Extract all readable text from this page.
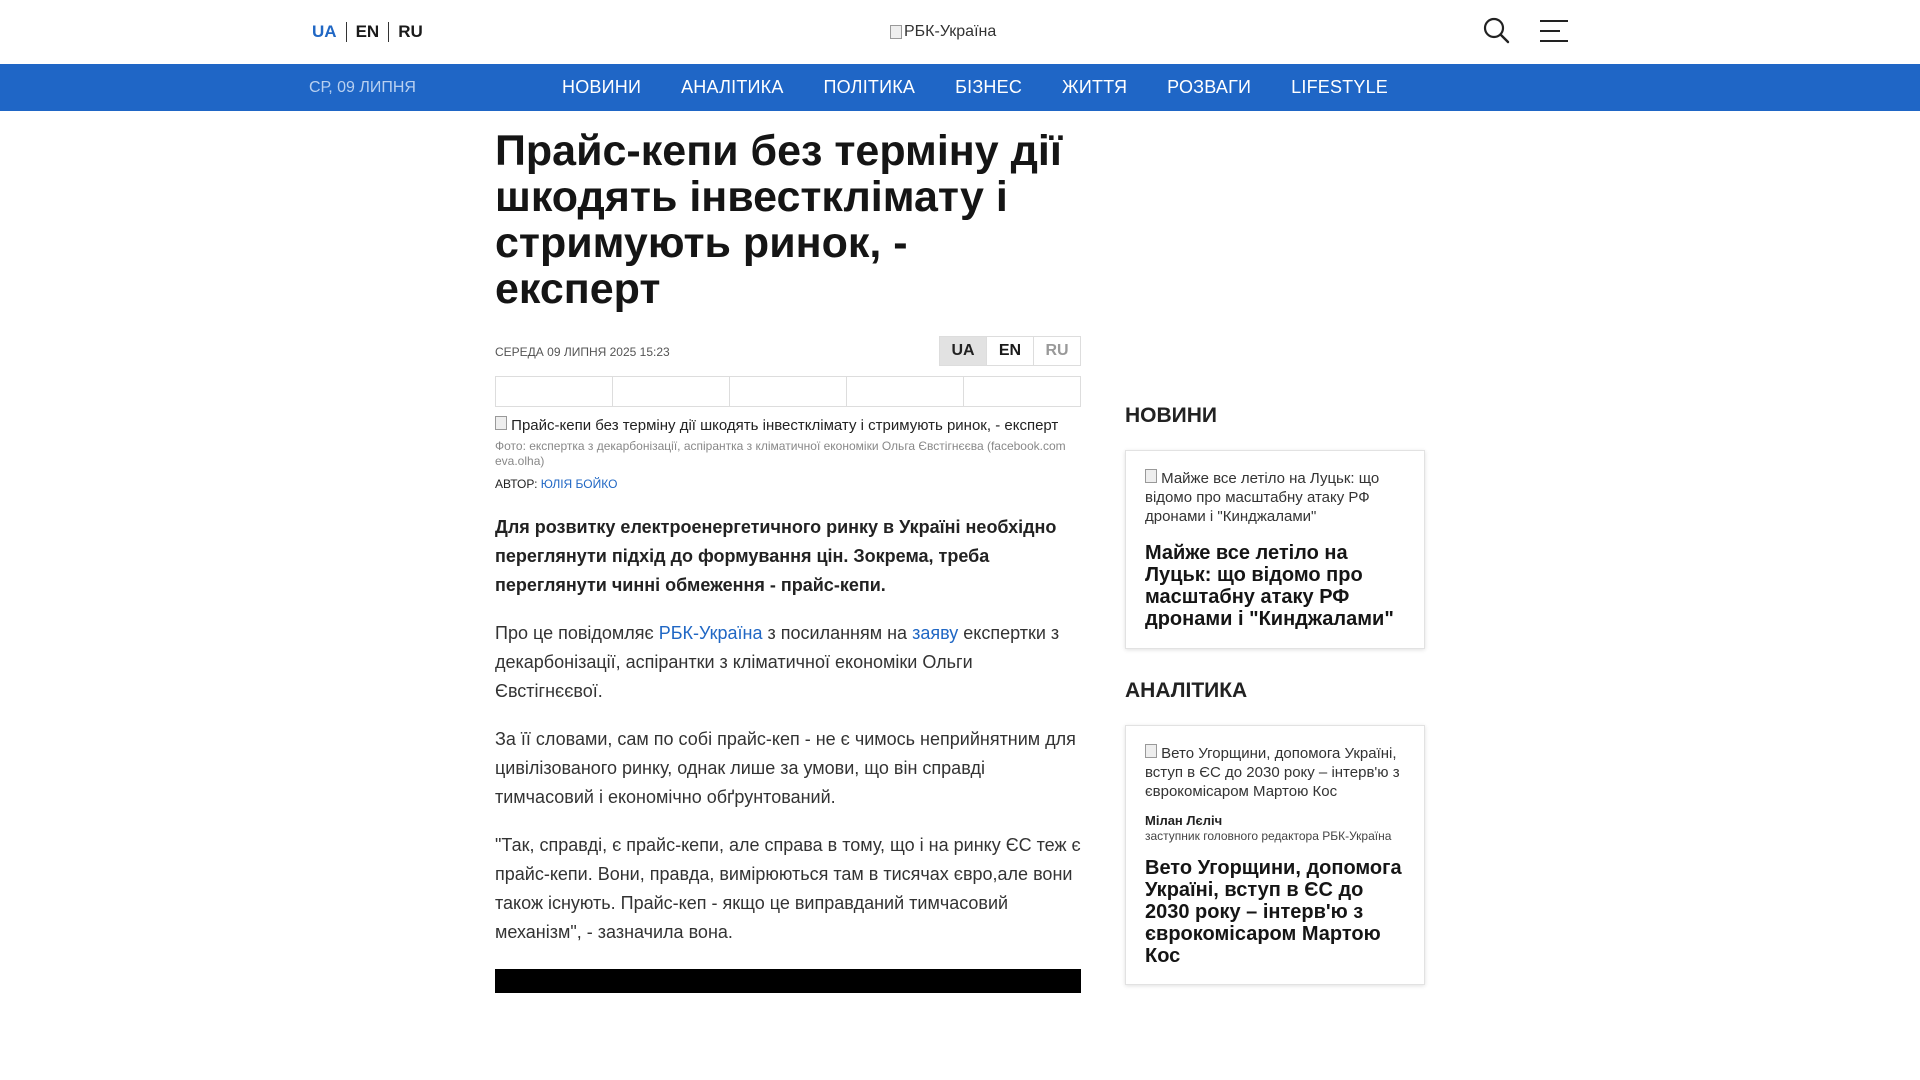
UA	EN	RU	РБК-Україна
СР, 09 ЛИПНЯ	НОВИНИ АНАЛІТИКА ПОЛІТИКА БІЗНЕС ЖИТТЯ РОЗВАГИ LIFESTYLE
Прайс-кепи без терміну дії шкодять інвестклімату і стримують ринок, - експерт
СЕРЕДА 09 ЛИПНЯ 2025 15:23	UA	EN	RU
Прайс-кепи без терміну дії шкодять інвестклімату і стримують ринок, - експерт
Фото: експертка з декарбонізації, аспірантка з кліматичної економіки Ольга Євстігнєєва (facebook.com eva.olha)
АВТОР: ЮЛІЯ БОЙКО
Для розвитку електроенергетичного ринку в Україні необхідно переглянути підхід до формування цін. Зокрема, треба переглянути чинні обмеження - прайс-кепи.
Про це повідомляє РБК-Україна з посиланням на заяву експертки з декарбонізації, аспірантки з кліматичної економіки Ольги Євстігнєєвої.
За її словами, сам по собі прайс-кеп - не є чимось неприйнятним для цивілізованого ринку, однак лише за умови, що він справді тимчасовий і економічно обґрунтований.
"Так, справді, є прайс-кепи, але справа в тому, що і на ринку ЄС теж є прайс-кепи. Вони, правда, вимірюються там в тисячах євро,але вони також існують. Прайс-кеп - якщо це виправданий тимчасовий механізм", - зазначила вона.
НОВИНИ
Майже все летіло на Луцьк: що відомо про масштабну атаку РФ дронами і "Кинджалами"
Майже все летіло на Луцьк: що відомо про масштабну атаку РФ дронами і "Кинджалами"
АНАЛІТИКА
Вето Угорщини, допомога Україні, вступ в ЄС до 2030 року – інтерв'ю з єврокомісаром Мартою Кос
Мілан Лєліч
заступник головного редактора РБК-Україна
Вето Угорщини, допомога Україні, вступ в ЄС до 2030 року – інтерв'ю з єврокомісаром Мартою Кос
